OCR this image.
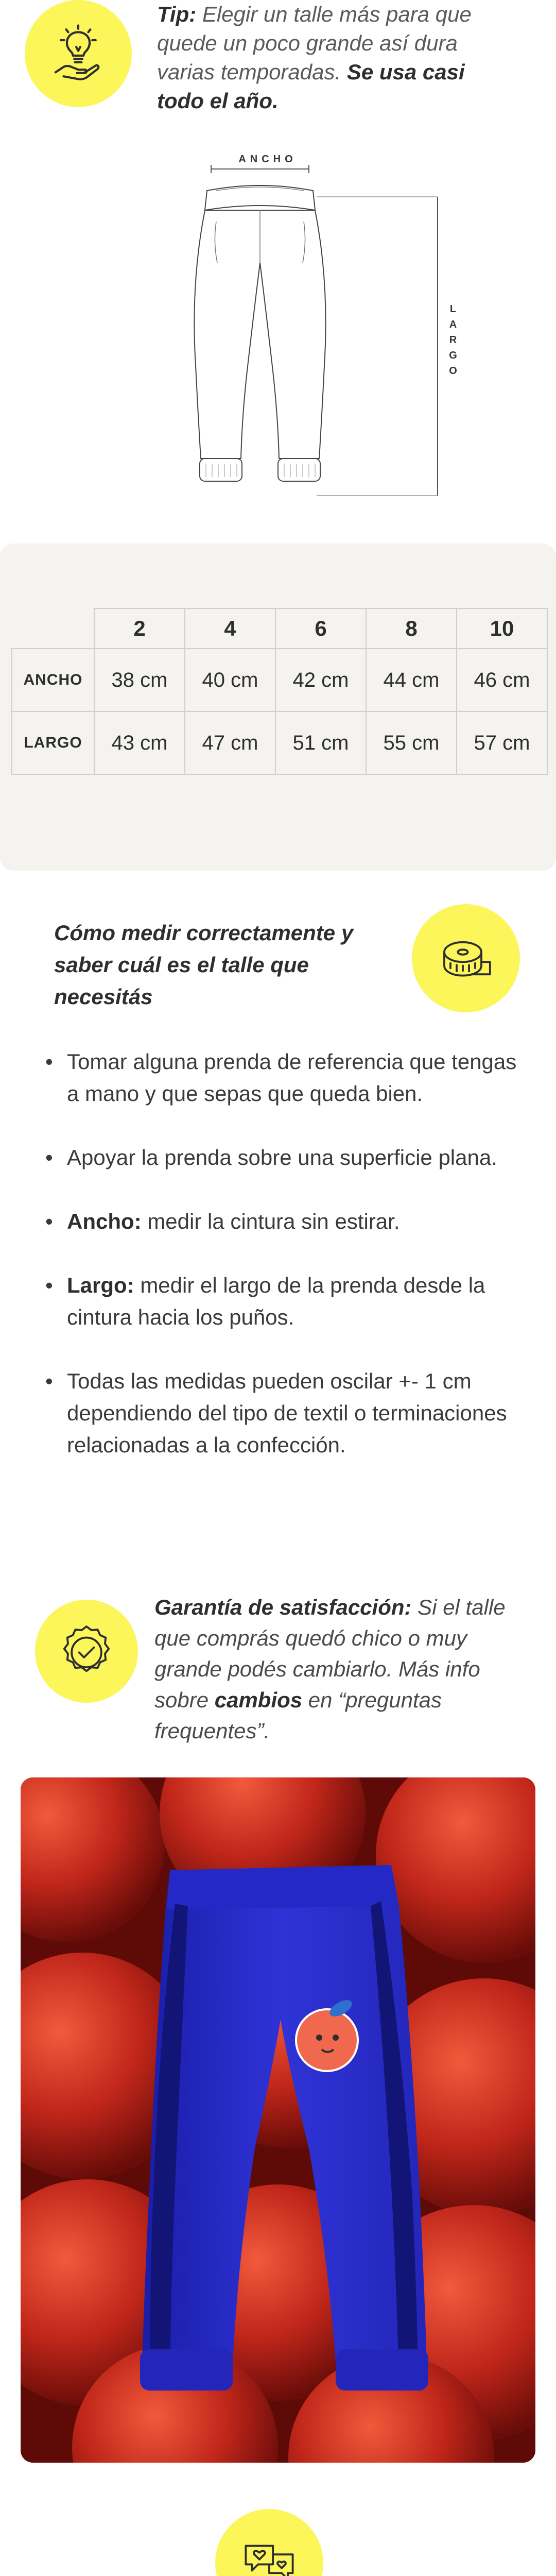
Tip: Elegir un talle más para que quede un poco grande así dura varias temporadas. Se usa casi todo el año.
ANCHO
LARGO
	2	4	6	8	10
ANCHO	38 cm	40 cm	42 cm	44 cm	46 cm
LARGO	43 cm	47 cm	51 cm	55 cm	57 cm
Cómo medir correctamente y saber cuál es el talle que necesitás
• Tomar alguna prenda de referencia que tengas a mano y que sepas que queda bien.
• Apoyar la prenda sobre una superficie plana.
• Ancho: medir la cintura sin estirar.
• Largo: medir el largo de la prenda desde la cintura hacia los puños.
• Todas las medidas pueden oscilar +- 1 cm dependiendo del tipo de textil o terminaciones relacionadas a la confección.
Garantía de satisfacción: Si el talle que comprás quedó chico o muy grande podés cambiarlo. Más info sobre cambios en “preguntas frequentes”.
